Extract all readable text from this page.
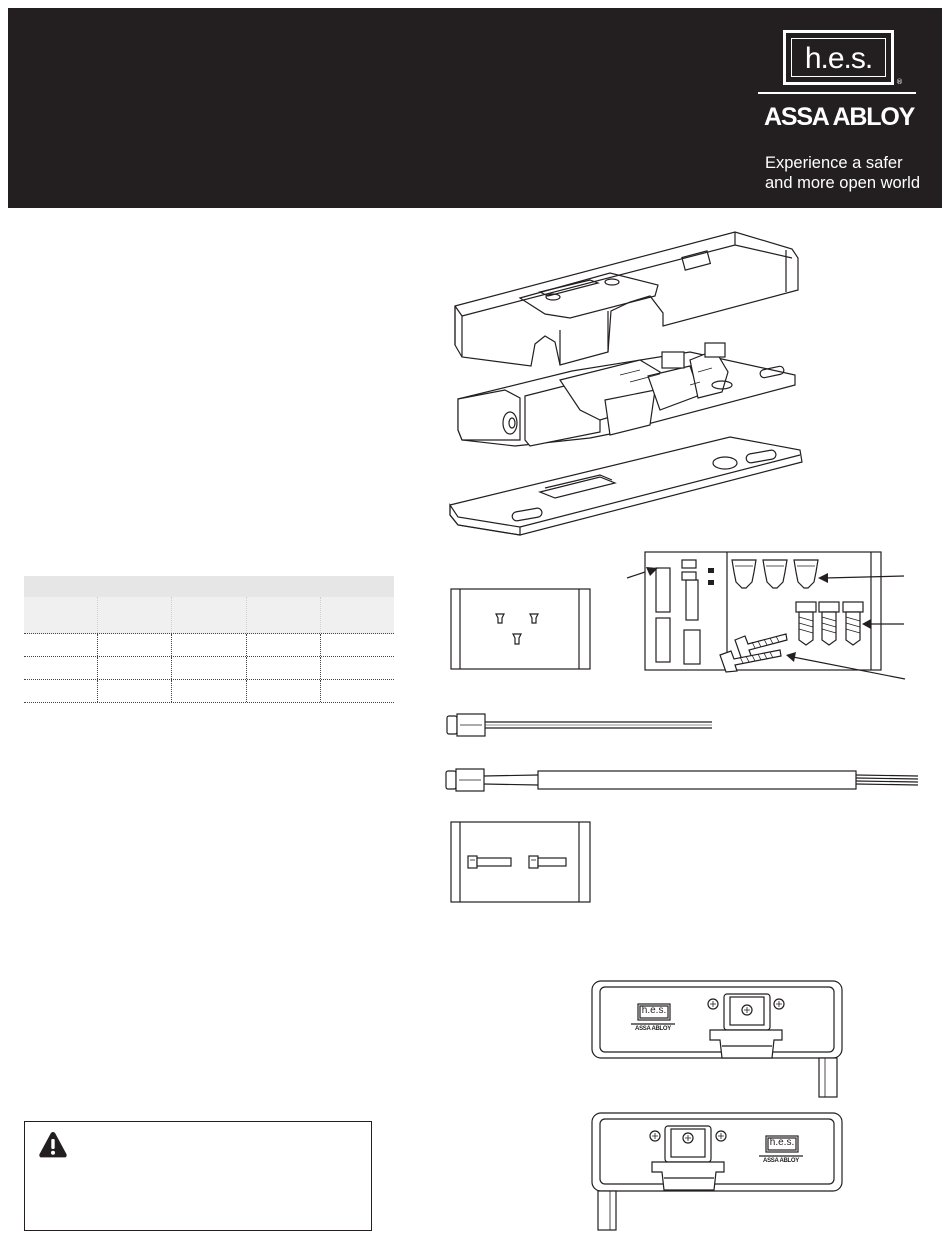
h.e.s.
®
ASSA ABLOY
Experience a safer
and more open world
h.e.s.
ASSA ABLOY
h.e.s.
ASSA ABLOY
